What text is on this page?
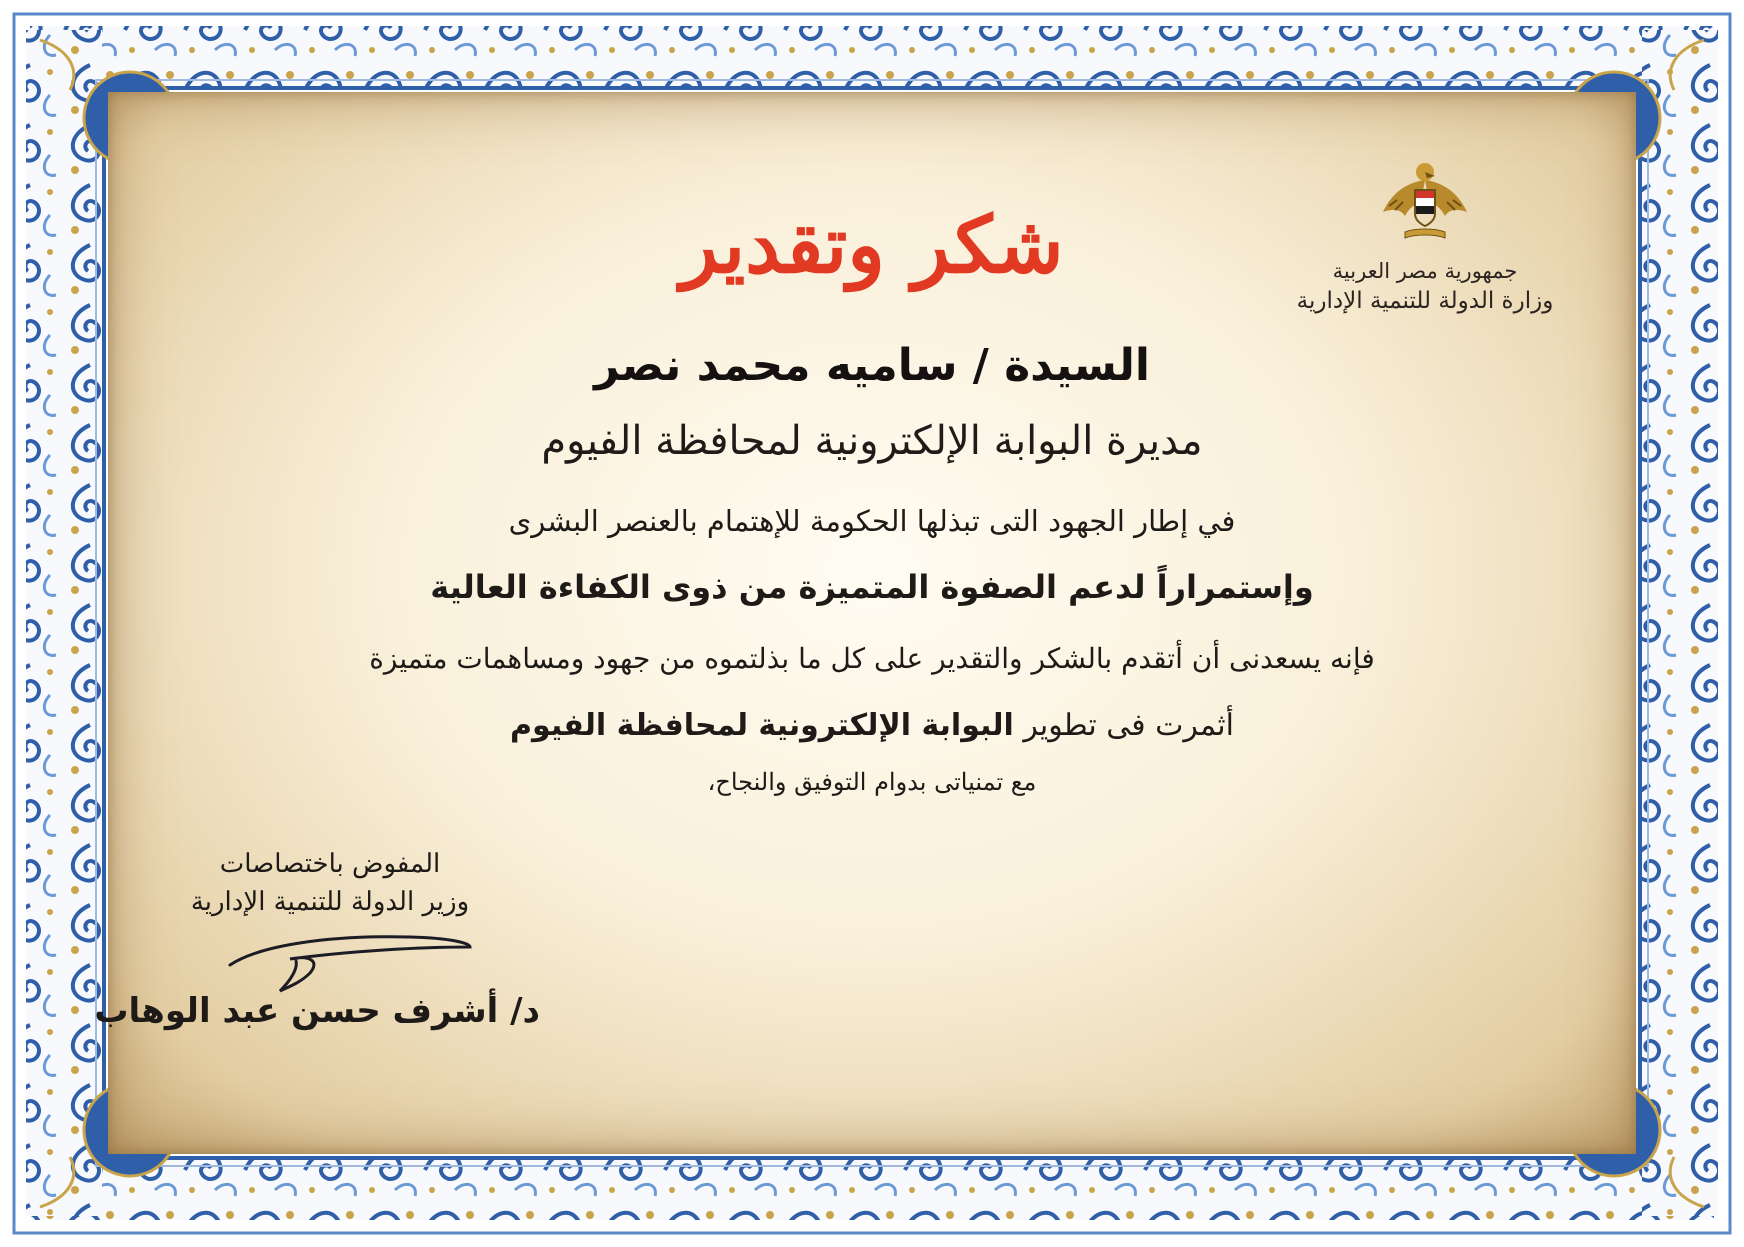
جمهورية مصر العربية
وزارة الدولة للتنمية الإدارية
شكر وتقدير
السيدة / ساميه محمد نصر
مديرة البوابة الإلكترونية لمحافظة الفيوم
في إطار الجهود التى تبذلها الحكومة للإهتمام بالعنصر البشرى
وإستمراراً لدعم الصفوة المتميزة من ذوى الكفاءة العالية
فإنه يسعدنى أن أتقدم بالشكر والتقدير على كل ما بذلتموه من جهود ومساهمات متميزة
أثمرت فى تطوير البوابة الإلكترونية لمحافظة الفيوم
مع تمنياتى بدوام التوفيق والنجاح،
المفوض باختصاصات
وزير الدولة للتنمية الإدارية
د/ أشرف حسن عبد الوهاب
